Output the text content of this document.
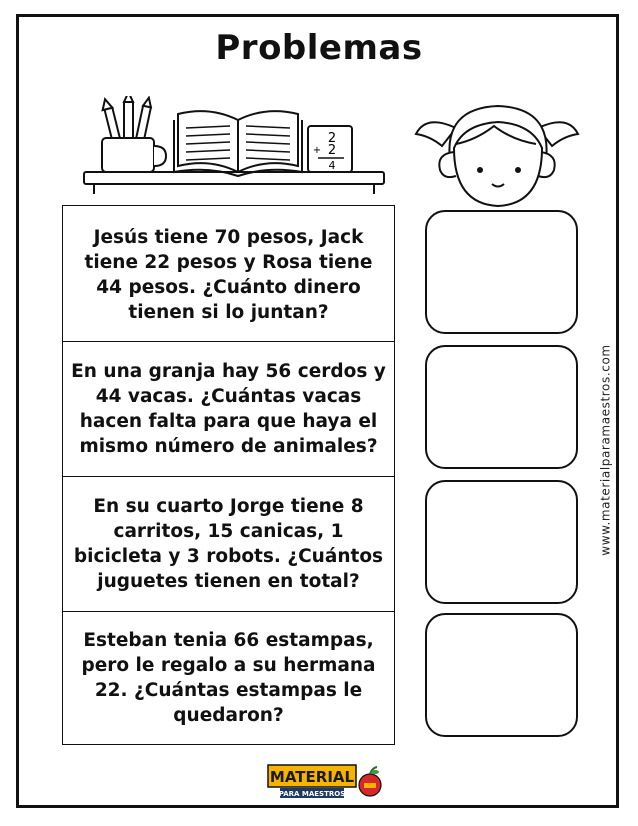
Problemas
2
+ 2
4
Jesús tiene 70 pesos, Jack tiene 22 pesos y Rosa tiene 44 pesos. ¿Cuánto dinero tienen si lo juntan?
En una granja hay 56 cerdos y 44 vacas. ¿Cuántas vacas hacen falta para que haya el mismo número de animales?
En su cuarto Jorge tiene 8 carritos, 15 canicas, 1 bicicleta y 3 robots. ¿Cuántos juguetes tienen en total?
Esteban tenia 66 estampas, pero le regalo a su hermana 22. ¿Cuántas estampas le quedaron?
www.materialparamaestros.com
MATERIAL
PARA MAESTROS
